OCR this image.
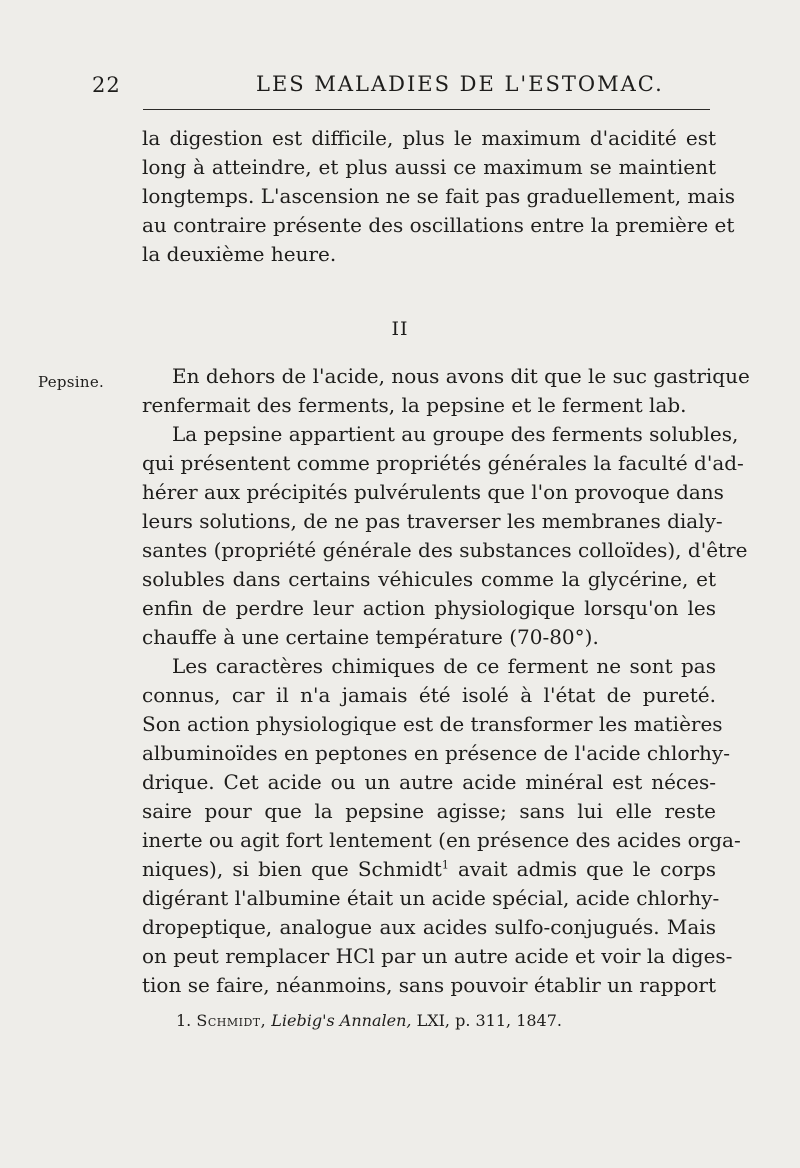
22	LES MALADIES DE L'ESTOMAC.
la digestion est difficile, plus le maximum d'acidité est
long à atteindre, et plus aussi ce maximum se maintient
longtemps. L'ascension ne se fait pas graduellement, mais
au contraire présente des oscillations entre la première et
la deuxième heure.
II
Pepsine.	En dehors de l'acide, nous avons dit que le suc gastrique
renfermait des ferments, la pepsine et le ferment lab.
La pepsine appartient au groupe des ferments solubles,
qui présentent comme propriétés générales la faculté d'ad-
hérer aux précipités pulvérulents que l'on provoque dans
leurs solutions, de ne pas traverser les membranes dialy-
santes (propriété générale des substances colloïdes), d'être
solubles dans certains véhicules comme la glycérine, et
enfin de perdre leur action physiologique lorsqu'on les
chauffe à une certaine température (70-80°).
Les caractères chimiques de ce ferment ne sont pas
connus, car il n'a jamais été isolé à l'état de pureté.
Son action physiologique est de transformer les matières
albuminoïdes en peptones en présence de l'acide chlorhy-
drique. Cet acide ou un autre acide minéral est néces-
saire pour que la pepsine agisse; sans lui elle reste
inerte ou agit fort lentement (en présence des acides orga-
niques), si bien que Schmidt$^1$ avait admis que le corps
digérant l'albumine était un acide spécial, acide chlorhy-
dropeptique, analogue aux acides sulfo-conjugués. Mais
on peut remplacer HCl par un autre acide et voir la diges-
tion se faire, néanmoins, sans pouvoir établir un rapport
1. Schmidt, Liebig's Annalen, LXI, p. 311, 1847.
